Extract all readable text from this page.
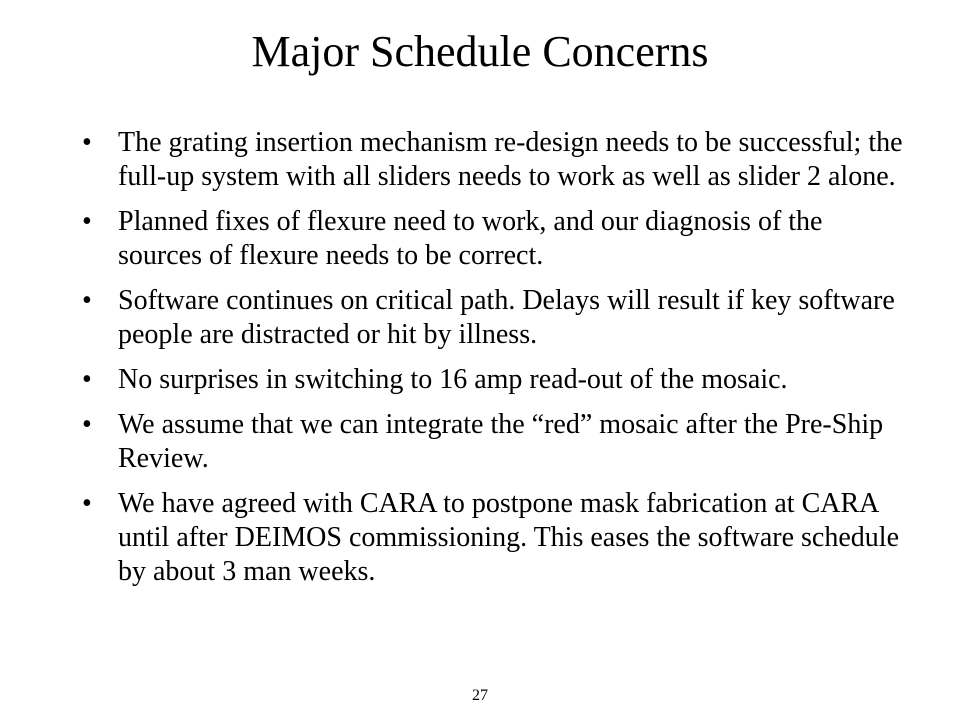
Major Schedule Concerns
• The grating insertion mechanism re-design needs to be successful; the full-up system with all sliders needs to work as well as slider 2 alone.
• Planned fixes of flexure need to work, and our diagnosis of the sources of flexure needs to be correct.
• Software continues on critical path. Delays will result if key software people are distracted or hit by illness.
• No surprises in switching to 16 amp read-out of the mosaic.
• We assume that we can integrate the “red” mosaic after the Pre-Ship Review.
• We have agreed with CARA to postpone mask fabrication at CARA until after DEIMOS commissioning. This eases the software schedule by about 3 man weeks.
27
